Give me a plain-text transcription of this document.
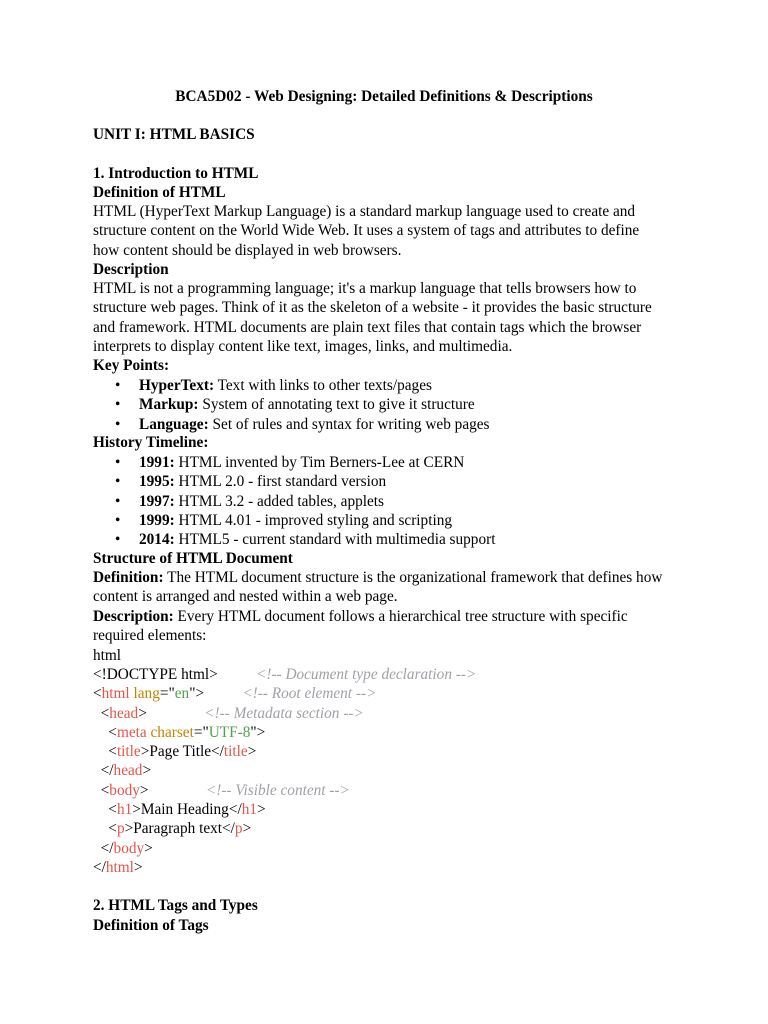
BCA5D02 - Web Designing: Detailed Definitions & Descriptions
UNIT I: HTML BASICS
1. Introduction to HTML
Definition of HTML
HTML (HyperText Markup Language) is a standard markup language used to create and
structure content on the World Wide Web. It uses a system of tags and attributes to define
how content should be displayed in web browsers.
Description
HTML is not a programming language; it's a markup language that tells browsers how to
structure web pages. Think of it as the skeleton of a website - it provides the basic structure
and framework. HTML documents are plain text files that contain tags which the browser
interprets to display content like text, images, links, and multimedia.
Key Points:
• HyperText: Text with links to other texts/pages
• Markup: System of annotating text to give it structure
• Language: Set of rules and syntax for writing web pages
History Timeline:
• 1991: HTML invented by Tim Berners-Lee at CERN
• 1995: HTML 2.0 - first standard version
• 1997: HTML 3.2 - added tables, applets
• 1999: HTML 4.01 - improved styling and scripting
• 2014: HTML5 - current standard with multimedia support
Structure of HTML Document
Definition: The HTML document structure is the organizational framework that defines how
content is arranged and nested within a web page.
Description: Every HTML document follows a hierarchical tree structure with specific
required elements:
html
<!DOCTYPE html>	<!-- Document type declaration -->
<html lang="en">	<!-- Root element -->
<head>	<!-- Metadata section -->
<meta charset="UTF-8">
<title>Page Title</title>
</head>
<body>	<!-- Visible content -->
<h1>Main Heading</h1>
<p>Paragraph text</p>
</body>
</html>
2. HTML Tags and Types
Definition of Tags
